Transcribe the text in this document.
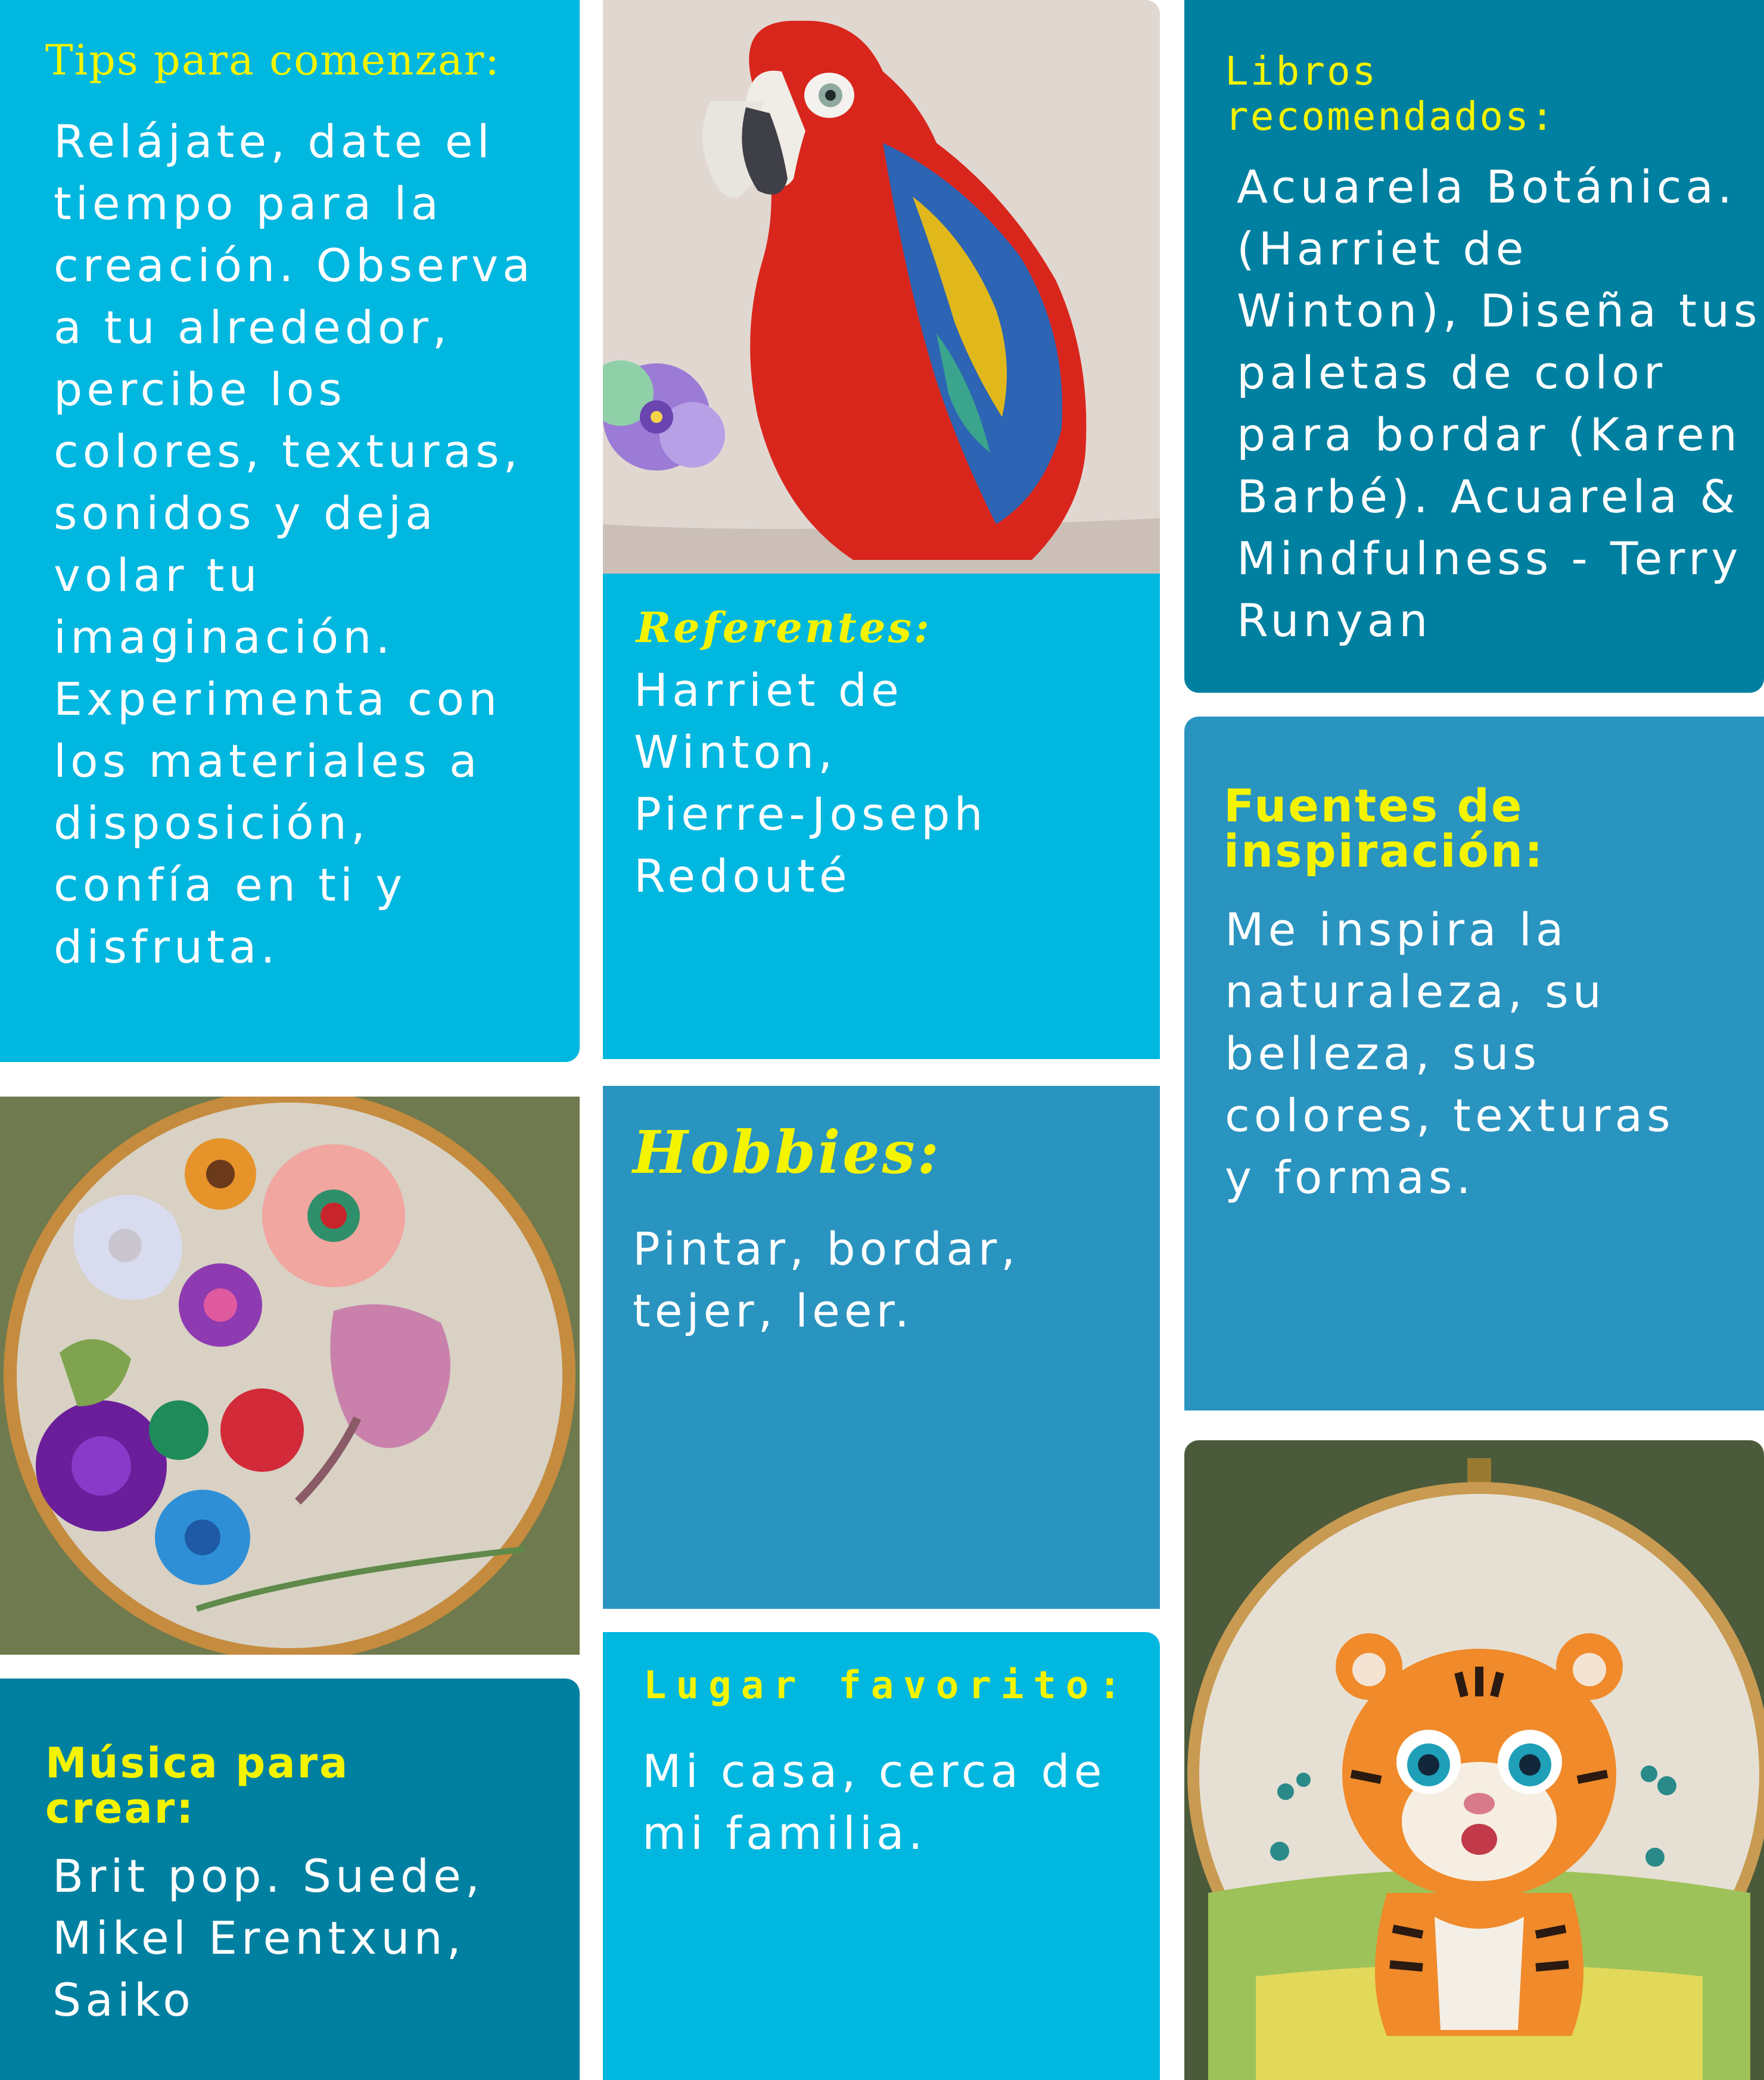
Tips para comenzar:
Relájate, date el
tiempo para la
creación. Observa
a tu alrededor,
percibe los
colores, texturas,
sonidos y deja
volar tu
imaginación.
Experimenta con
los materiales a
disposición,
confía en ti y
disfruta.
Referentes:
Harriet de
Winton,
Pierre-Joseph
Redouté
Libros
recomendados:
Acuarela Botánica.
(Harriet de
Winton), Diseña tus
paletas de color
para bordar (Karen
Barbé). Acuarela &
Mindfulness - Terry
Runyan
Fuentes de
inspiración:
Me inspira la
naturaleza, su
belleza, sus
colores, texturas
y formas.
Hobbies:
Pintar, bordar,
tejer, leer.
Lugar favorito:
Mi casa, cerca de
mi familia.
Música para
crear:
Brit pop. Suede,
Mikel Erentxun,
Saiko
